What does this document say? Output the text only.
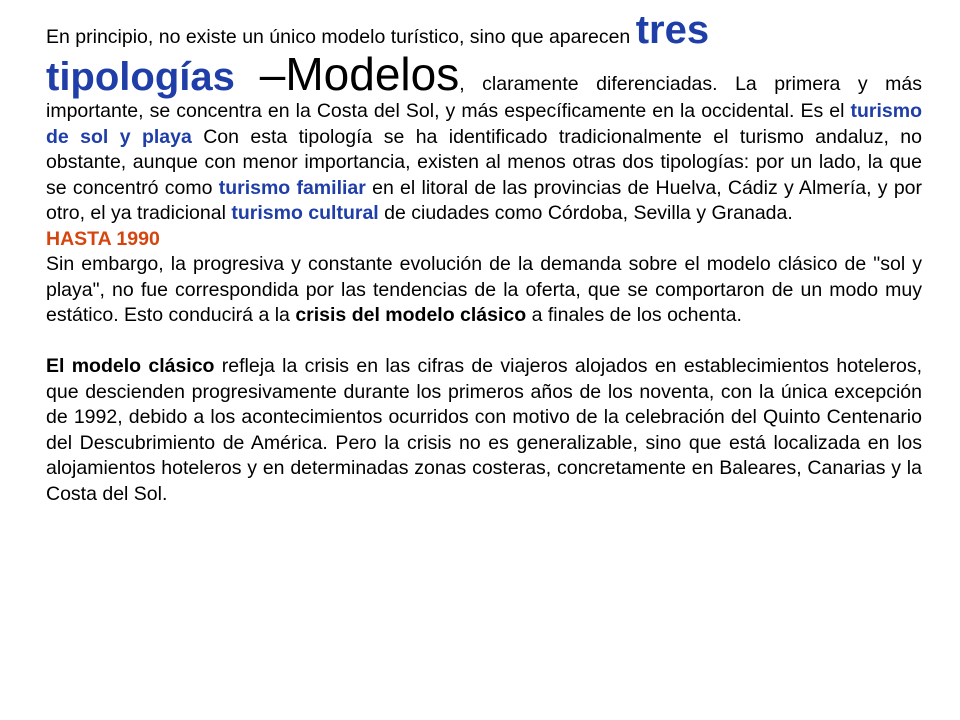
En principio, no existe un único modelo turístico, sino que aparecen tres
tipologías –Modelos, claramente diferenciadas. La primera y más importante, se concentra en la Costa del Sol, y más específicamente en la occidental. Es el turismo de sol y playa Con esta tipología se ha identificado tradicionalmente el turismo andaluz, no obstante, aunque con menor importancia, existen al menos otras dos tipologías: por un lado, la que se concentró como turismo familiar en el litoral de las provincias de Huelva, Cádiz y Almería, y por otro, el ya tradicional turismo cultural de ciudades como Córdoba, Sevilla y Granada.

HASTA 1990

Sin embargo, la progresiva y constante evolución de la demanda sobre el modelo clásico de "sol y playa", no fue correspondida por las tendencias de la oferta, que se comportaron de un modo muy estático. Esto conducirá a la crisis del modelo clásico a finales de los ochenta.

El modelo clásico refleja la crisis en las cifras de viajeros alojados en establecimientos hoteleros, que descienden progresivamente durante los primeros años de los noventa, con la única excepción de 1992, debido a los acontecimientos ocurridos con motivo de la celebración del Quinto Centenario del Descubrimiento de América. Pero la crisis no es generalizable, sino que está localizada en los alojamientos hoteleros y en determinadas zonas costeras, concretamente en Baleares, Canarias y la Costa del Sol.
